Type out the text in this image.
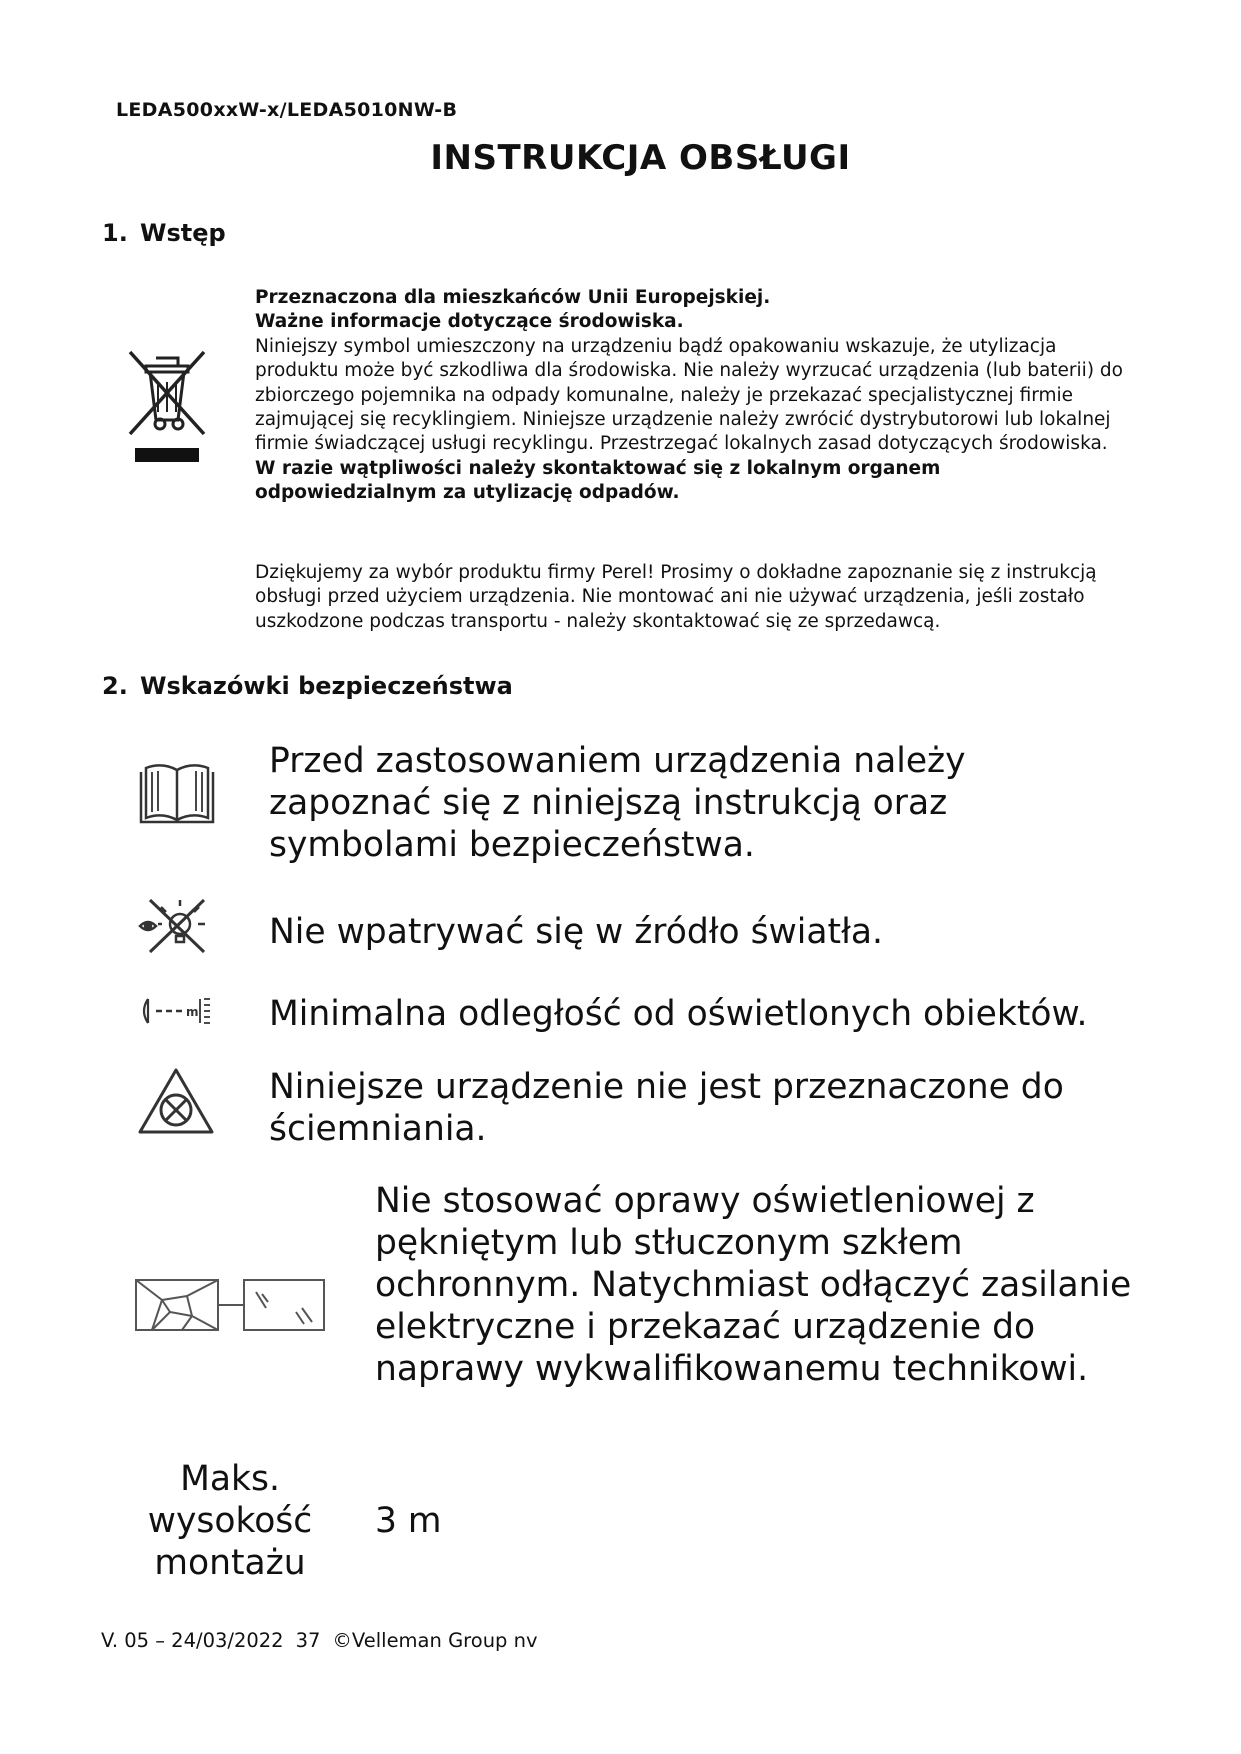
LEDA500xxW-x/LEDA5010NW-B
INSTRUKCJA OBSŁUGI
1. Wstęp

Przeznaczona dla mieszkańców Unii Europejskiej.

Ważne informacje dotyczące środowiska.

Niniejszy symbol umieszczony na urządzeniu bądź opakowaniu wskazuje, że utylizacja produktu może być szkodliwa dla środowiska. Nie należy wyrzucać urządzenia (lub baterii) do zbiorczego pojemnika na odpady komunalne, należy je przekazać specjalistycznej firmie zajmującej się recyklingiem. Niniejsze urządzenie należy zwrócić dystrybutorowi lub lokalnej firmie świadczącej usługi recyklingu. Przestrzegać lokalnych zasad dotyczących środowiska.

W razie wątpliwości należy skontaktować się z lokalnym organem odpowiedzialnym za utylizację odpadów.

Dziękujemy za wybór produktu firmy Perel! Prosimy o dokładne zapoznanie się z instrukcją obsługi przed użyciem urządzenia. Nie montować ani nie używać urządzenia, jeśli zostało uszkodzone podczas transportu - należy skontaktować się ze sprzedawcą.
2. Wskazówki bezpieczeństwa
Przed zastosowaniem urządzenia należy zapoznać się z niniejszą instrukcją oraz symbolami bezpieczeństwa.
Nie wpatrywać się w źródło światła.
m Minimalna odległość od oświetlonych obiektów.
Niniejsze urządzenie nie jest przeznaczone do ściemniania.
Nie stosować oprawy oświetleniowej z pękniętym lub stłuczonym szkłem ochronnym. Natychmiast odłączyć zasilanie elektryczne i przekazać urządzenie do naprawy wykwalifikowanemu technikowi.
Maks. wysokość montażu
3 m
V. 05 – 24/03/2022 37 ©Velleman Group nv
